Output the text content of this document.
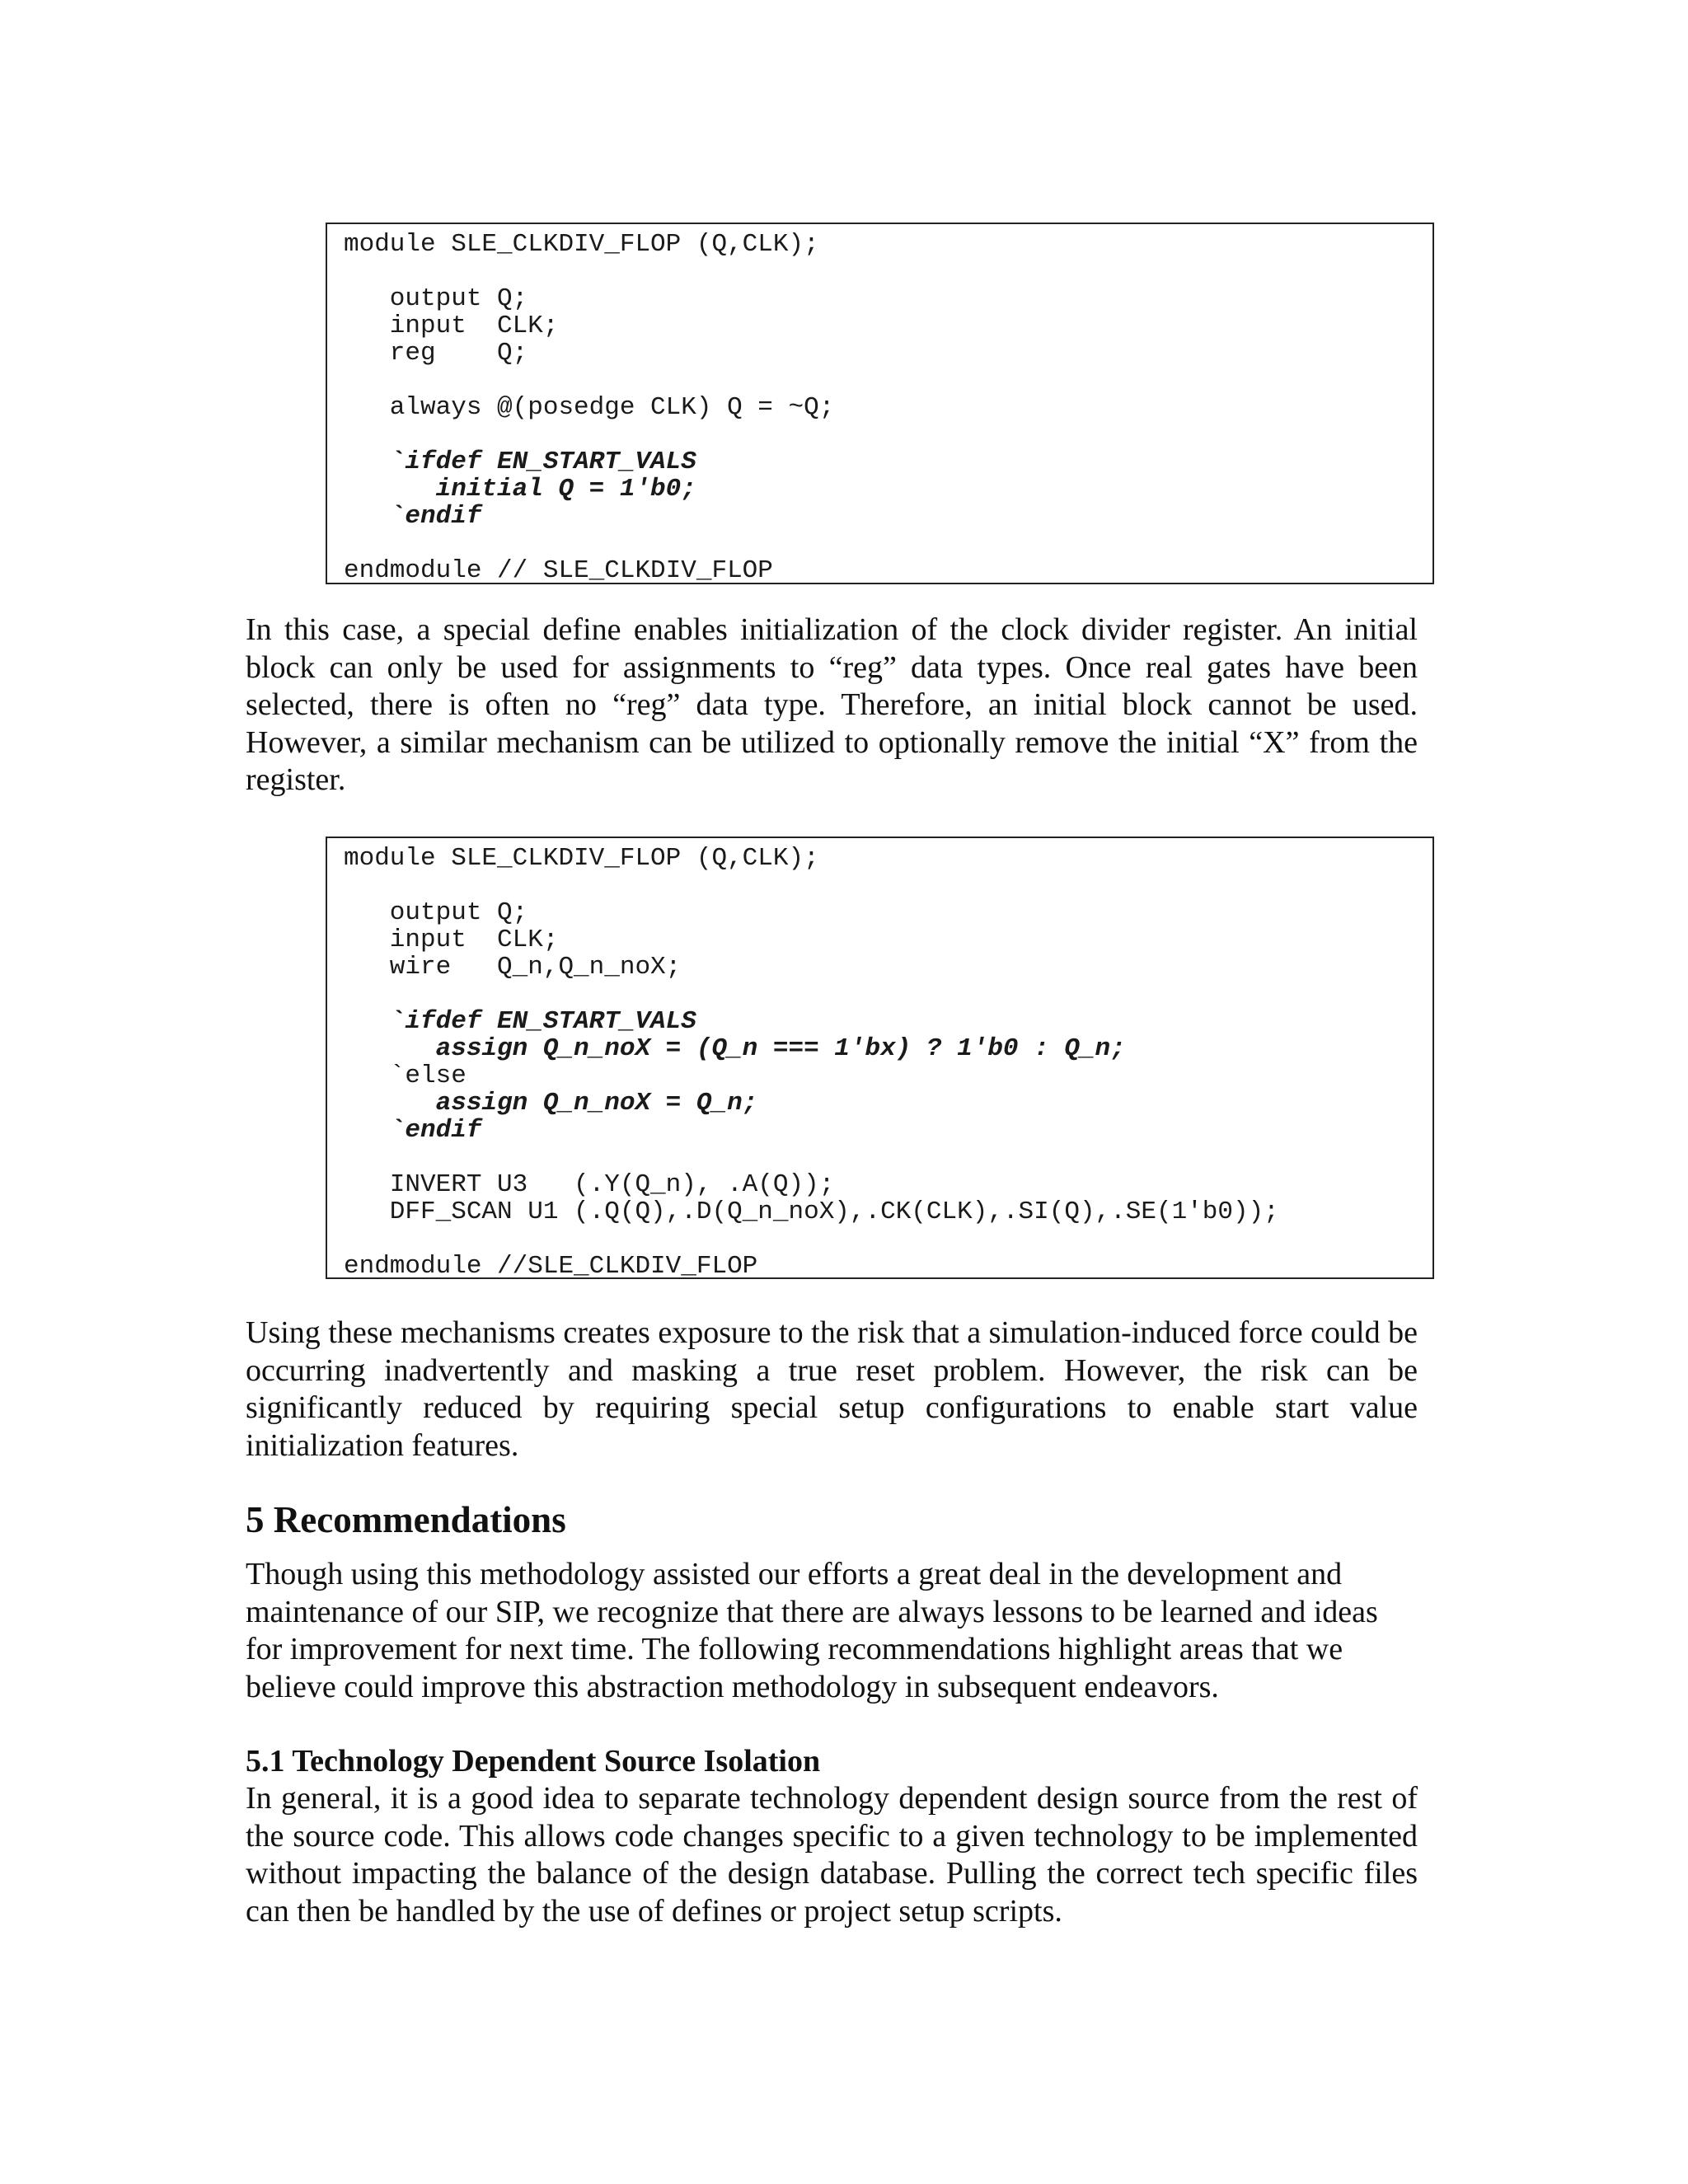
module SLE_CLKDIV_FLOP (Q,CLK);
output Q;
input  CLK;
reg    Q;
always @(posedge CLK) Q = ~Q;
`ifdef EN_START_VALS
initial Q = 1'b0;
`endif
endmodule // SLE_CLKDIV_FLOP

In this case, a special define enables initialization of the clock divider register. An initial block can only be used for assignments to “reg” data types. Once real gates have been selected, there is often no “reg” data type. Therefore, an initial block cannot be used. However, a similar mechanism can be utilized to optionally remove the initial “X” from the register.

module SLE_CLKDIV_FLOP (Q,CLK);
output Q;
input  CLK;
wire   Q_n,Q_n_noX;
`ifdef EN_START_VALS
assign Q_n_noX = (Q_n === 1'bx) ? 1'b0 : Q_n;
`else
assign Q_n_noX = Q_n;
`endif
INVERT U3   (.Y(Q_n), .A(Q));
DFF_SCAN U1 (.Q(Q),.D(Q_n_noX),.CK(CLK),.SI(Q),.SE(1'b0));
endmodule //SLE_CLKDIV_FLOP

Using these mechanisms creates exposure to the risk that a simulation-induced force could be occurring inadvertently and masking a true reset problem. However, the risk can be significantly reduced by requiring special setup configurations to enable start value initialization features.

5 Recommendations

Though using this methodology assisted our efforts a great deal in the development and maintenance of our SIP, we recognize that there are always lessons to be learned and ideas for improvement for next time. The following recommendations highlight areas that we believe could improve this abstraction methodology in subsequent endeavors.

5.1 Technology Dependent Source Isolation

In general, it is a good idea to separate technology dependent design source from the rest of the source code. This allows code changes specific to a given technology to be implemented without impacting the balance of the design database. Pulling the correct tech specific files can then be handled by the use of defines or project setup scripts.
